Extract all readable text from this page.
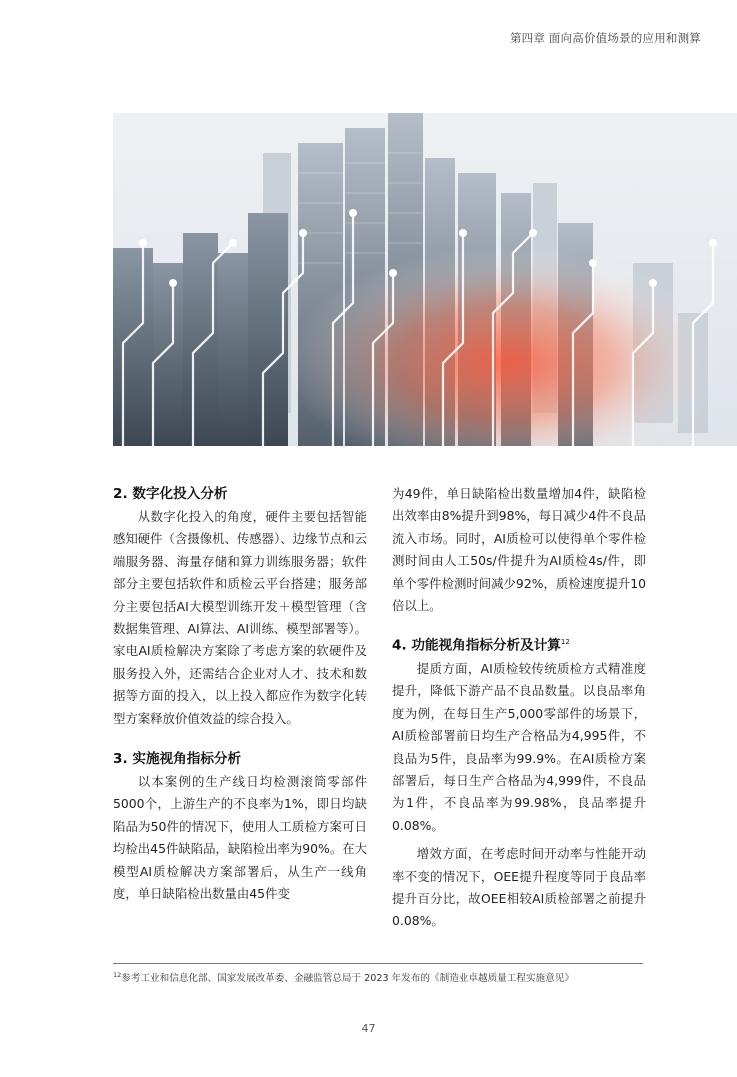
第四章 面向高价值场景的应用和测算

2. 数字化投入分析

从数字化投入的角度，硬件主要包括智能感知硬件（含摄像机、传感器）、边缘节点和云端服务器、海量存储和算力训练服务器；软件部分主要包括软件和质检云平台搭建；服务部分主要包括AI大模型训练开发＋模型管理（含数据集管理、AI算法、AI训练、模型部署等）。家电AI质检解决方案除了考虑方案的软硬件及服务投入外，还需结合企业对人才、技术和数据等方面的投入，以上投入都应作为数字化转型方案释放价值效益的综合投入。

3. 实施视角指标分析

以本案例的生产线日均检测滚筒零部件5000个，上游生产的不良率为1%，即日均缺陷品为50件的情况下，使用人工质检方案可日均检出45件缺陷品，缺陷检出率为90%。在大模型AI质检解决方案部署后，从生产一线角度，单日缺陷检出数量由45件变

为49件，单日缺陷检出数量增加4件，缺陷检出效率由8%提升到98%，每日减少4件不良品流入市场。同时，AI质检可以使得单个零件检测时间由人工50s/件提升为AI质检4s/件，即单个零件检测时间减少92%，质检速度提升10倍以上。

4. 功能视角指标分析及计算$^{12}$

提质方面，AI质检较传统质检方式精准度提升，降低下游产品不良品数量。以良品率角度为例，在每日生产5,000零部件的场景下，AI质检部署前日均生产合格品为4,995件，不良品为5件，良品率为99.9%。在AI质检方案部署后，每日生产合格品为4,999件，不良品为1件，不良品率为99.98%，良品率提升0.08%。

增效方面，在考虑时间开动率与性能开动率不变的情况下，OEE提升程度等同于良品率提升百分比，故OEE相较AI质检部署之前提升0.08%。

$^{12}$参考工业和信息化部、国家发展改革委、金融监管总局于 2023 年发布的《制造业卓越质量工程实施意见》
47
